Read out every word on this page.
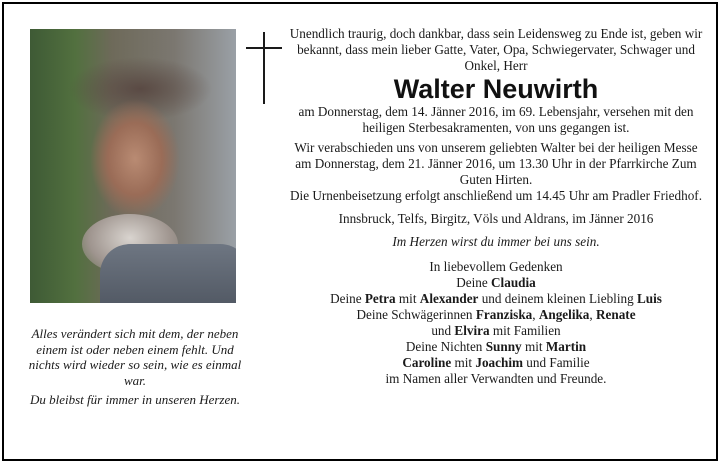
Unendlich traurig, doch dankbar, dass sein Leidensweg zu Ende ist, geben wir bekannt, dass mein lieber Gatte, Vater, Opa, Schwiegervater, Schwager und Onkel, Herr

Walter Neuwirth

am Donnerstag, dem 14. Jänner 2016, im 69. Lebensjahr, versehen mit den heiligen Sterbesakramenten, von uns gegangen ist.

Wir verabschieden uns von unserem geliebten Walter bei der heiligen Messe am Donnerstag, dem 21. Jänner 2016, um 13.30 Uhr in der Pfarrkirche Zum Guten Hirten.

Die Urnenbeisetzung erfolgt anschließend um 14.45 Uhr am Pradler Friedhof.

Innsbruck, Telfs, Birgitz, Völs und Aldrans, im Jänner 2016

Im Herzen wirst du immer bei uns sein.

In liebevollem Gedenken

Deine Claudia

Deine Petra mit Alexander und deinem kleinen Liebling Luis

Deine Schwägerinnen Franziska, Angelika, Renate

und Elvira mit Familien

Deine Nichten Sunny mit Martin

Caroline mit Joachim und Familie

im Namen aller Verwandten und Freunde.

Alles verändert sich mit dem, der neben einem ist oder neben einem fehlt. Und nichts wird wieder so sein, wie es einmal war.

Du bleibst für immer in unseren Herzen.
